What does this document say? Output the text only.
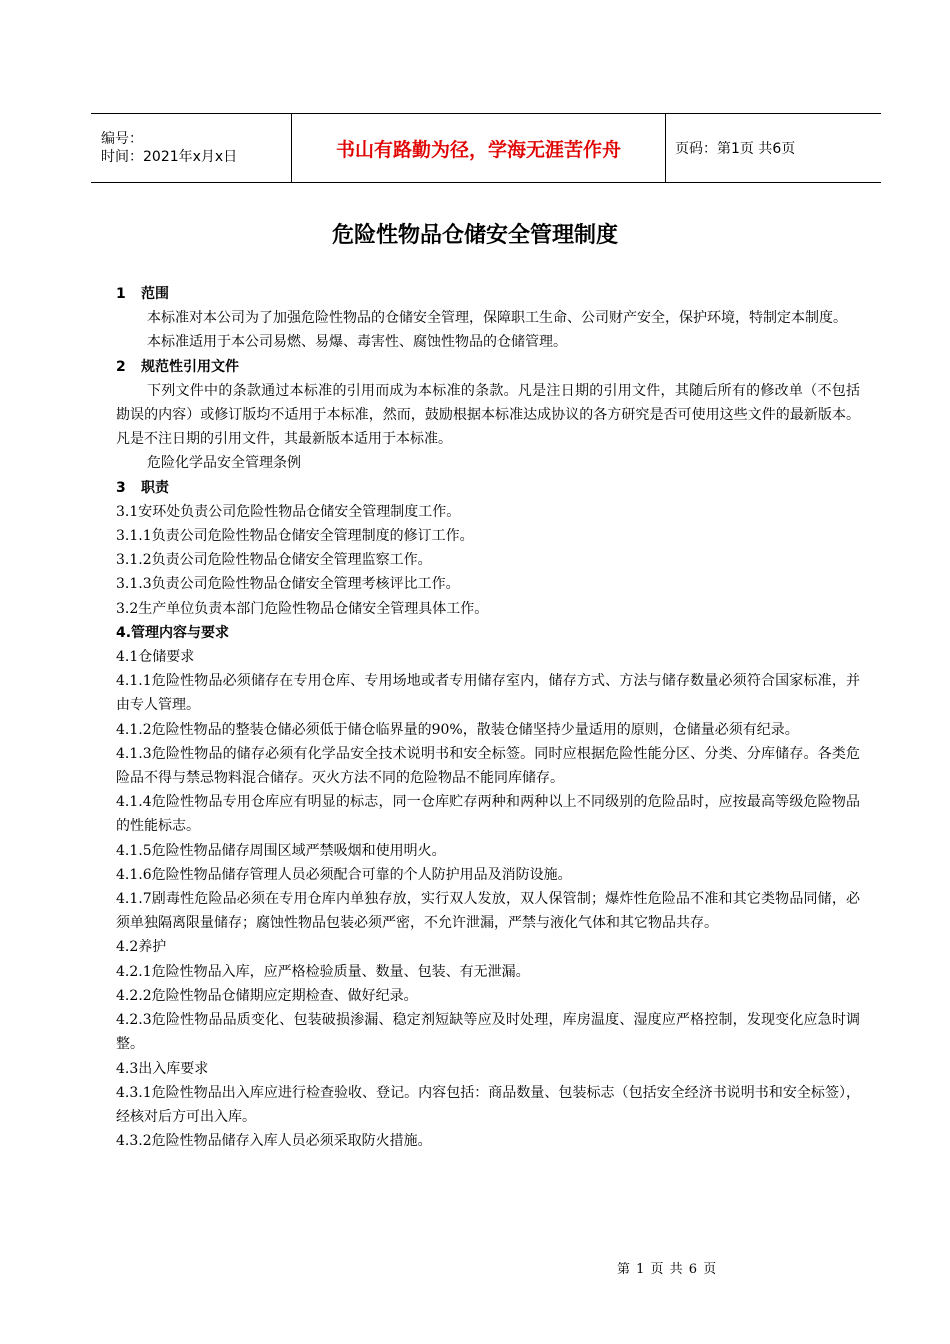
编号：
时间：2021年x月x日	书山有路勤为径，学海无涯苦作舟	页码：第1页 共6页
危险性物品仓储安全管理制度

1 范围

本标准对本公司为了加强危险性物品的仓储安全管理，保障职工生命、公司财产安全，保护环境，特制定本制度。

本标准适用于本公司易燃、易爆、毒害性、腐蚀性物品的仓储管理。

2 规范性引用文件

下列文件中的条款通过本标准的引用而成为本标准的条款。凡是注日期的引用文件，其随后所有的修改单（不包括勘误的内容）或修订版均不适用于本标准，然而，鼓励根据本标准达成协议的各方研究是否可使用这些文件的最新版本。凡是不注日期的引用文件，其最新版本适用于本标准。

危险化学品安全管理条例

3 职责

3.1安环处负责公司危险性物品仓储安全管理制度工作。

3.1.1负责公司危险性物品仓储安全管理制度的修订工作。

3.1.2负责公司危险性物品仓储安全管理监察工作。

3.1.3负责公司危险性物品仓储安全管理考核评比工作。

3.2生产单位负责本部门危险性物品仓储安全管理具体工作。

4.管理内容与要求

4.1仓储要求

4.1.1危险性物品必须储存在专用仓库、专用场地或者专用储存室内，储存方式、方法与储存数量必须符合国家标准，并由专人管理。

4.1.2危险性物品的整装仓储必须低于储仓临界量的90%，散装仓储坚持少量适用的原则，仓储量必须有纪录。

4.1.3危险性物品的储存必须有化学品安全技术说明书和安全标签。同时应根据危险性能分区、分类、分库储存。各类危险品不得与禁忌物料混合储存。灭火方法不同的危险物品不能同库储存。

4.1.4危险性物品专用仓库应有明显的标志，同一仓库贮存两种和两种以上不同级别的危险品时，应按最高等级危险物品的性能标志。

4.1.5危险性物品储存周围区域严禁吸烟和使用明火。

4.1.6危险性物品储存管理人员必须配合可靠的个人防护用品及消防设施。

4.1.7剧毒性危险品必须在专用仓库内单独存放，实行双人发放，双人保管制；爆炸性危险品不准和其它类物品同储，必须单独隔离限量储存；腐蚀性物品包装必须严密，不允许泄漏，严禁与液化气体和其它物品共存。

4.2养护

4.2.1危险性物品入库，应严格检验质量、数量、包装、有无泄漏。

4.2.2危险性物品仓储期应定期检查、做好纪录。

4.2.3危险性物品品质变化、包装破损渗漏、稳定剂短缺等应及时处理，库房温度、湿度应严格控制，发现变化应急时调整。

4.3出入库要求

4.3.1危险性物品出入库应进行检查验收、登记。内容包括：商品数量、包装标志（包括安全经济书说明书和安全标签），经核对后方可出入库。

4.3.2危险性物品储存入库人员必须采取防火措施。

第 1 页 共 6 页
